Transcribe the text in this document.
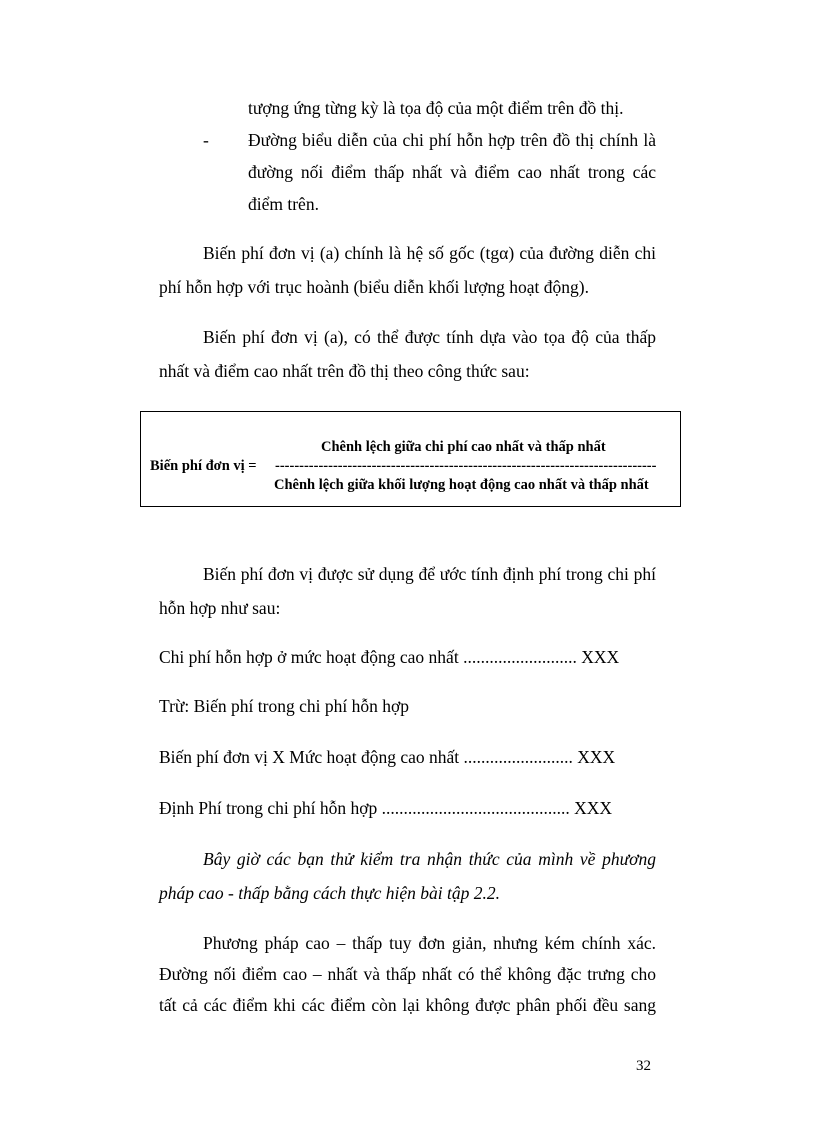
tượng ứng từng kỳ là tọa độ của một điểm trên đồ thị.
- Đường biểu diễn của chi phí hỗn hợp trên đồ thị chính là
đường nối điểm thấp nhất và điểm cao nhất trong các
điểm trên.
Biến phí đơn vị (a) chính là hệ số gốc (tgα) của đường diễn chi
phí hỗn hợp với trục hoành (biểu diễn khối lượng hoạt động).
Biến phí đơn vị (a), có thể được tính dựa vào tọa độ của thấp
nhất và điểm cao nhất trên đồ thị theo công thức sau:
Chênh lệch giữa chi phí cao nhất và thấp nhất
Biến phí đơn vị = -------------------------------------------------------------------------------
Chênh lệch giữa khối lượng hoạt động cao nhất và thấp nhất
Biến phí đơn vị được sử dụng để ước tính định phí trong chi phí
hỗn hợp như sau:
Chi phí hỗn hợp ở mức hoạt động cao nhất .......................... XXX
Trừ: Biến phí trong chi phí hỗn hợp
Biến phí đơn vị X Mức hoạt động cao nhất ......................... XXX
Định Phí trong chi phí hỗn hợp ........................................... XXX
Bây giờ các bạn thử kiểm tra nhận thức của mình về phương
pháp cao - thấp bằng cách thực hiện bài tập 2.2.
Phương pháp cao – thấp tuy đơn giản, nhưng kém chính xác.
Đường nối điểm cao – nhất và thấp nhất có thể không đặc trưng cho
tất cả các điểm khi các điểm còn lại không được phân phối đều sang
32
